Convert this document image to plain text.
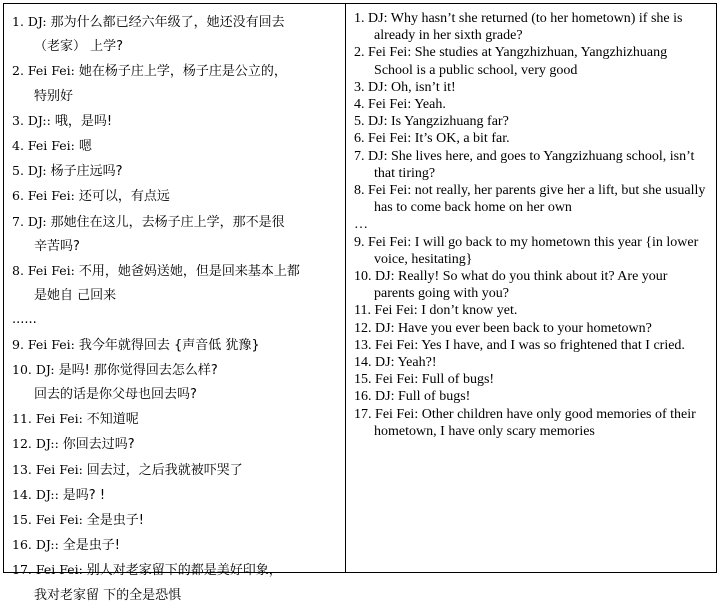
1. DJ: 那为什么都已经六年级了，她还没有回去
（老家） 上学?
2. Fei Fei: 她在杨子庄上学，杨子庄是公立的，
特别好
3. DJ:: 哦，是吗!
4. Fei Fei: 嗯
5. DJ: 杨子庄远吗?
6. Fei Fei: 还可以，有点远
7. DJ: 那她住在这儿，去杨子庄上学，那不是很
辛苦吗?
8. Fei Fei: 不用，她爸妈送她，但是回来基本上都
是她自 己回来
......
9. Fei Fei: 我今年就得回去 {声音低 犹豫}
10. DJ: 是吗! 那你觉得回去怎么样?
回去的话是你父母也回去吗?
11. Fei Fei: 不知道呢
12. DJ:: 你回去过吗?
13. Fei Fei: 回去过，之后我就被吓哭了
14. DJ:: 是吗? !
15. Fei Fei: 全是虫子!
16. DJ:: 全是虫子!
17. Fei Fei: 别人对老家留下的都是美好印象，
我对老家留 下的全是恐惧
1. DJ: Why hasn’t she returned (to her hometown) if she is already in her sixth grade?
2. Fei Fei: She studies at Yangzhizhuan, Yangzhizhuang School is a public school, very good
3. DJ: Oh, isn’t it!
4. Fei Fei: Yeah.
5. DJ: Is Yangzizhuang far?
6. Fei Fei: It’s OK, a bit far.
7. DJ: She lives here, and goes to Yangzizhuang school, isn’t that tiring?
8. Fei Fei: not really, her parents give her a lift, but she usually has to come back home on her own
…
9. Fei Fei: I will go back to my hometown this year {in lower voice, hesitating}
10. DJ: Really! So what do you think about it? Are your parents going with you?
11. Fei Fei: I don’t know yet.
12. DJ: Have you ever been back to your hometown?
13. Fei Fei: Yes I have, and I was so frightened that I cried.
14. DJ: Yeah?!
15. Fei Fei: Full of bugs!
16. DJ: Full of bugs!
17. Fei Fei: Other children have only good memories of their hometown, I have only scary memories
